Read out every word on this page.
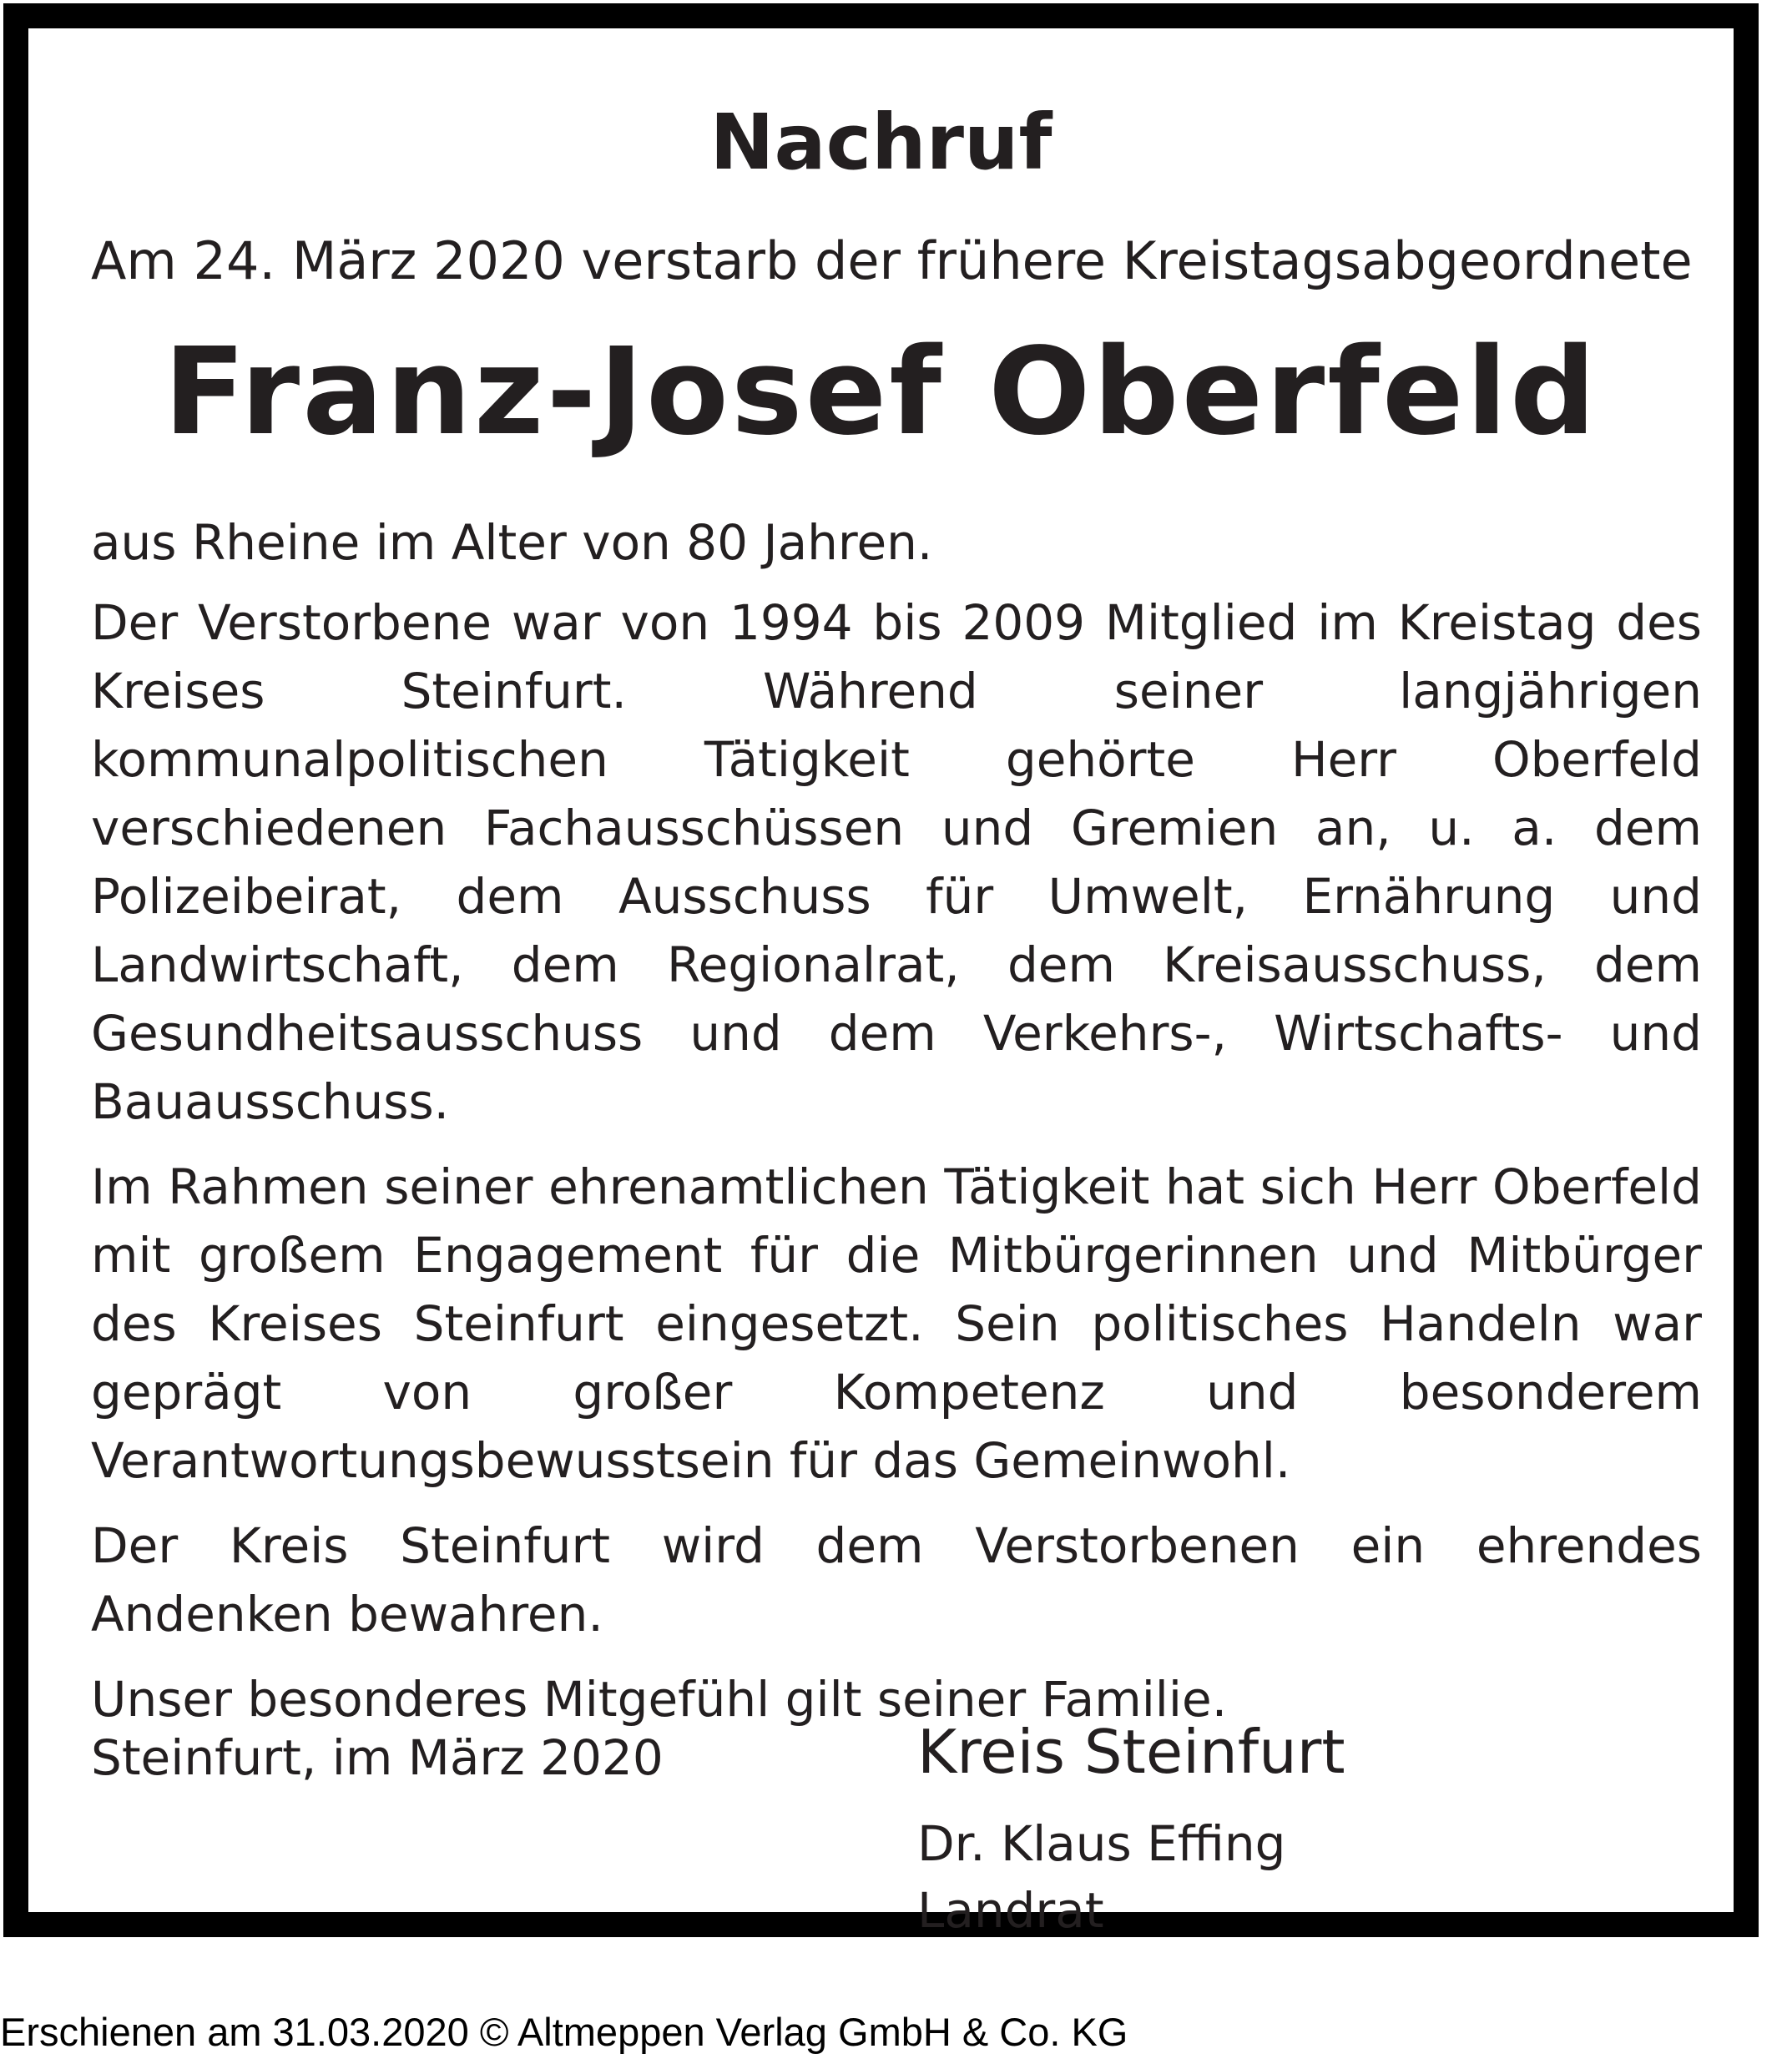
Nachruf
Am 24. März 2020 verstarb der frühere Kreistagsabgeordnete
Franz-Josef Oberfeld

aus Rheine im Alter von 80 Jahren.

Der Verstorbene war von 1994 bis 2009 Mitglied im Kreistag des Kreises Steinfurt. Während seiner langjährigen kommunalpolitischen Tätigkeit gehörte Herr Oberfeld verschiedenen Fachausschüssen und Gremien an, u. a. dem Polizeibeirat, dem Ausschuss für Umwelt, Ernährung und Landwirtschaft, dem Regionalrat, dem Kreisausschuss, dem Gesundheitsausschuss und dem Verkehrs-, Wirtschafts- und Bauausschuss.

Im Rahmen seiner ehrenamtlichen Tätigkeit hat sich Herr Oberfeld mit großem Engagement für die Mitbürgerinnen und Mitbürger des Kreises Steinfurt eingesetzt. Sein politisches Handeln war geprägt von großer Kompetenz und besonderem Verantwortungsbewusstsein für das Gemeinwohl.

Der Kreis Steinfurt wird dem Verstorbenen ein ehrendes Andenken bewahren.

Unser besonderes Mitgefühl gilt seiner Familie.

Steinfurt, im März 2020	Kreis Steinfurt
Dr. Klaus Effing
Landrat
Erschienen am 31.03.2020 © Altmeppen Verlag GmbH & Co. KG
